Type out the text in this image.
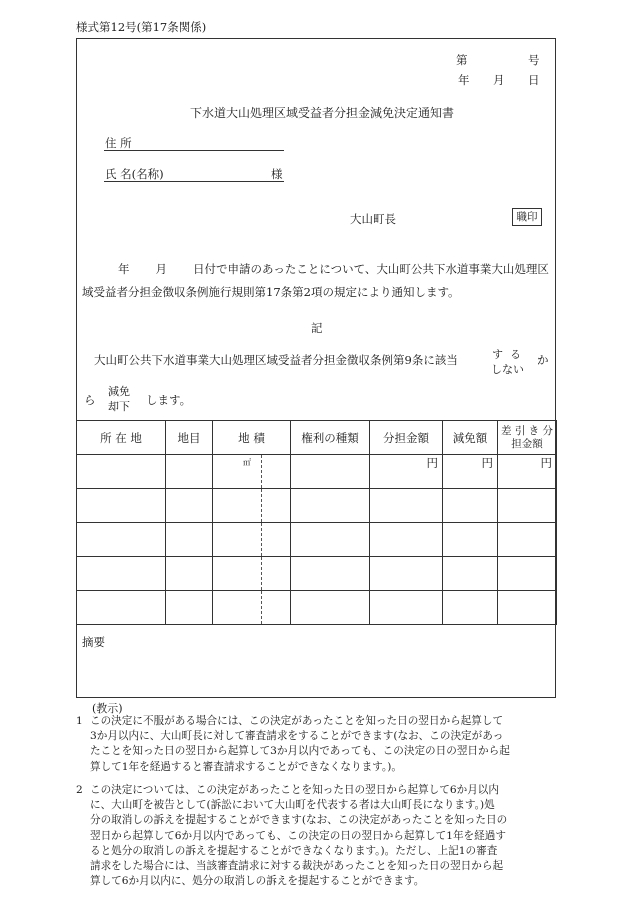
様式第12号(第17条関係)
第	号
年 月 日
下水道大山処理区域受益者分担金減免決定通知書
住 所
氏 名(名称)	様
大山町長	職印
年 月 日付で申請のあったことについて、大山町公共下水道事業大山処理区
域受益者分担金徴収条例施行規則第17条第2項の規定により通知します。
記
大山町公共下水道事業大山処理区域受益者分担金徴収条例第9条に該当	する
しない
か
ら
減免
却下 します。
所 在 地	地目	地 積	権利の種類	分担金額	減免額	差 引 き 分担金額

		㎡		円	円	円

摘要
(教示)
1 この決定に不服がある場合には、この決定があったことを知った日の翌日から起算して
3か月以内に、大山町長に対して審査請求をすることができます(なお、この決定があっ
たことを知った日の翌日から起算して3か月以内であっても、この決定の日の翌日から起
算して1年を経過すると審査請求することができなくなります。)。
2 この決定については、この決定があったことを知った日の翌日から起算して6か月以内
に、大山町を被告として(訴訟において大山町を代表する者は大山町長になります。)処
分の取消しの訴えを提起することができます(なお、この決定があったことを知った日の
翌日から起算して6か月以内であっても、この決定の日の翌日から起算して1年を経過す
ると処分の取消しの訴えを提起することができなくなります。)。ただし、上記1の審査
請求をした場合には、当該審査請求に対する裁決があったことを知った日の翌日から起
算して6か月以内に、処分の取消しの訴えを提起することができます。
